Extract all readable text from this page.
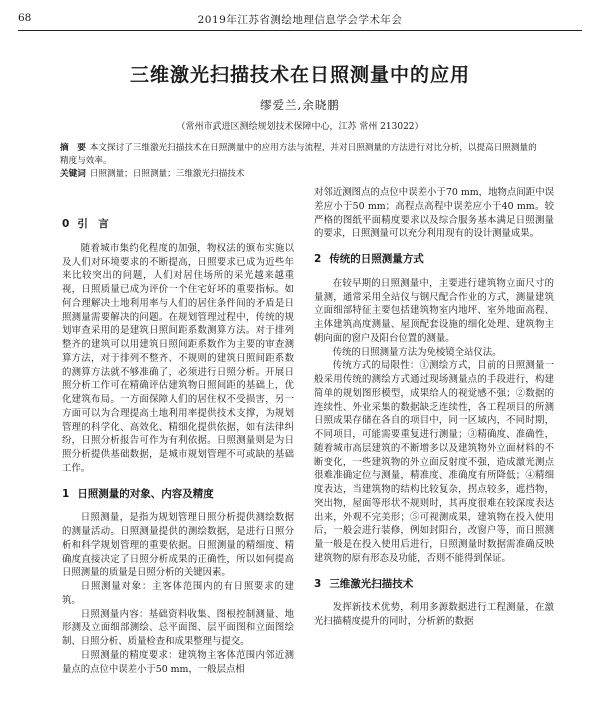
68	2019年江苏省测绘地理信息学会学术年会
三维激光扫描技术在日照测量中的应用
缪爱兰,余晓鹏
（常州市武进区测绘规划技术保障中心，江苏 常州 213022）

摘　要 本文探讨了三维激光扫描技术在日照测量中的应用方法与流程，并对日照测量的方法进行对比分析，以提高日照测量的精度与效率。

关键词 日照测量；日照测量；三维激光扫描技术

0 引　言

随着城市集约化程度的加强，物权法的颁布实施以及人们对环境要求的不断提高，日照要求已成为近些年来比较突出的问题，人们对居住场所的采光越来越重视，日照质量已成为评价一个住宅好坏的重要指标。如何合理解决土地利用率与人们的居住条件间的矛盾是日照测量需要解决的问题。在规划管理过程中，传统的规划审查采用的是建筑日照间距系数测算方法。对于排列整齐的建筑可以用建筑日照间距系数作为主要的审查测算方法，对于排列不整齐、不规则的建筑日照间距系数的测算方法就不够准确了，必须进行日照分析。开展日照分析工作可在精确评估建筑物日照间距的基础上，优化建筑布局。一方面保障人们的居住权不受损害，另一方面可以为合理提高土地利用率提供技术支撑，为规划管理的科学化、高效化、精细化提供依据，如有法律纠纷，日照分析报告可作为有利依据。日照测量则是为日照分析提供基础数据，是城市规划管理不可或缺的基础工作。

1 日照测量的对象、内容及精度

日照测量，是指为规划管理日照分析提供测绘数据的测量活动。日照测量提供的测绘数据，是进行日照分析和科学规划管理的重要依据。日照测量的精细度、精确度直接决定了日照分析成果的正确性，所以如何提高日照测量的质量是日照分析的关键因素。

日照测量对象：主客体范围内的有日照要求的建筑。

日照测量内容：基础资料收集、图根控制测量、地形测及立面细部测绘、总平面图、层平面图和立面图绘制、日照分析、质量检查和成果整理与提交。

日照测量的精度要求：建筑物主客体范围内邻近测量点的点位中误差小于50 mm，一般层点相

对邻近测图点的点位中误差小于70 mm，地物点间距中误差应小于50 mm；高程点高程中误差应小于40 mm。较严格的图纸平面精度要求以及综合服务基本满足日照测量的要求，日照测量可以充分利用现有的设计测量成果。

2 传统的日照测量方式

在较早期的日照测量中，主要进行建筑物立面尺寸的量测，通常采用全站仪与钢尺配合作业的方式，测量建筑立面细部特征主要包括建筑物室内地坪、室外地面高程、主体建筑高度测量、屋顶配套设施的细化处理、建筑物主朝向面的窗户及阳台位置的测量。

传统的日照测量方法为免棱镜全站仪法。

传统方式的局限性：①测绘方式，目前的日照测量一般采用传统的测绘方式通过现场测量点的手段进行，构建简单的规划图形模型，成果给人的视觉感不强；②数据的连续性、外业采集的数据缺乏连续性，各工程项目的所测日照成果存储在各自的项目中，同一区域内，不同时期，不同项目，可能需要重复进行测量；③精确度、准确性，随着城市高层建筑的不断增多以及建筑物外立面材料的不断变化，一些建筑物的外立面反射度不强，造成激光测点很难准确定位与测量，精准度、准确度有所降低；④精细度表达，当建筑物的结构比较复杂，拐点较多，遮挡物，突出物，屋面等形状不规则时，其再度很难在较深度表达出来，外观不完美形；⑤可视测成果，建筑物在投入使用后，一般会进行装修，例如封阳台，改窗户等，而日照测量一般是在投入使用后进行，日照测量时数据需准确反映建筑物的原有形态及功能，否则不能得到保证。

3 三维激光扫描技术

发挥新技术优势，利用多源数据进行工程测量，在激光扫描精度提升的同时，分析新的数据
